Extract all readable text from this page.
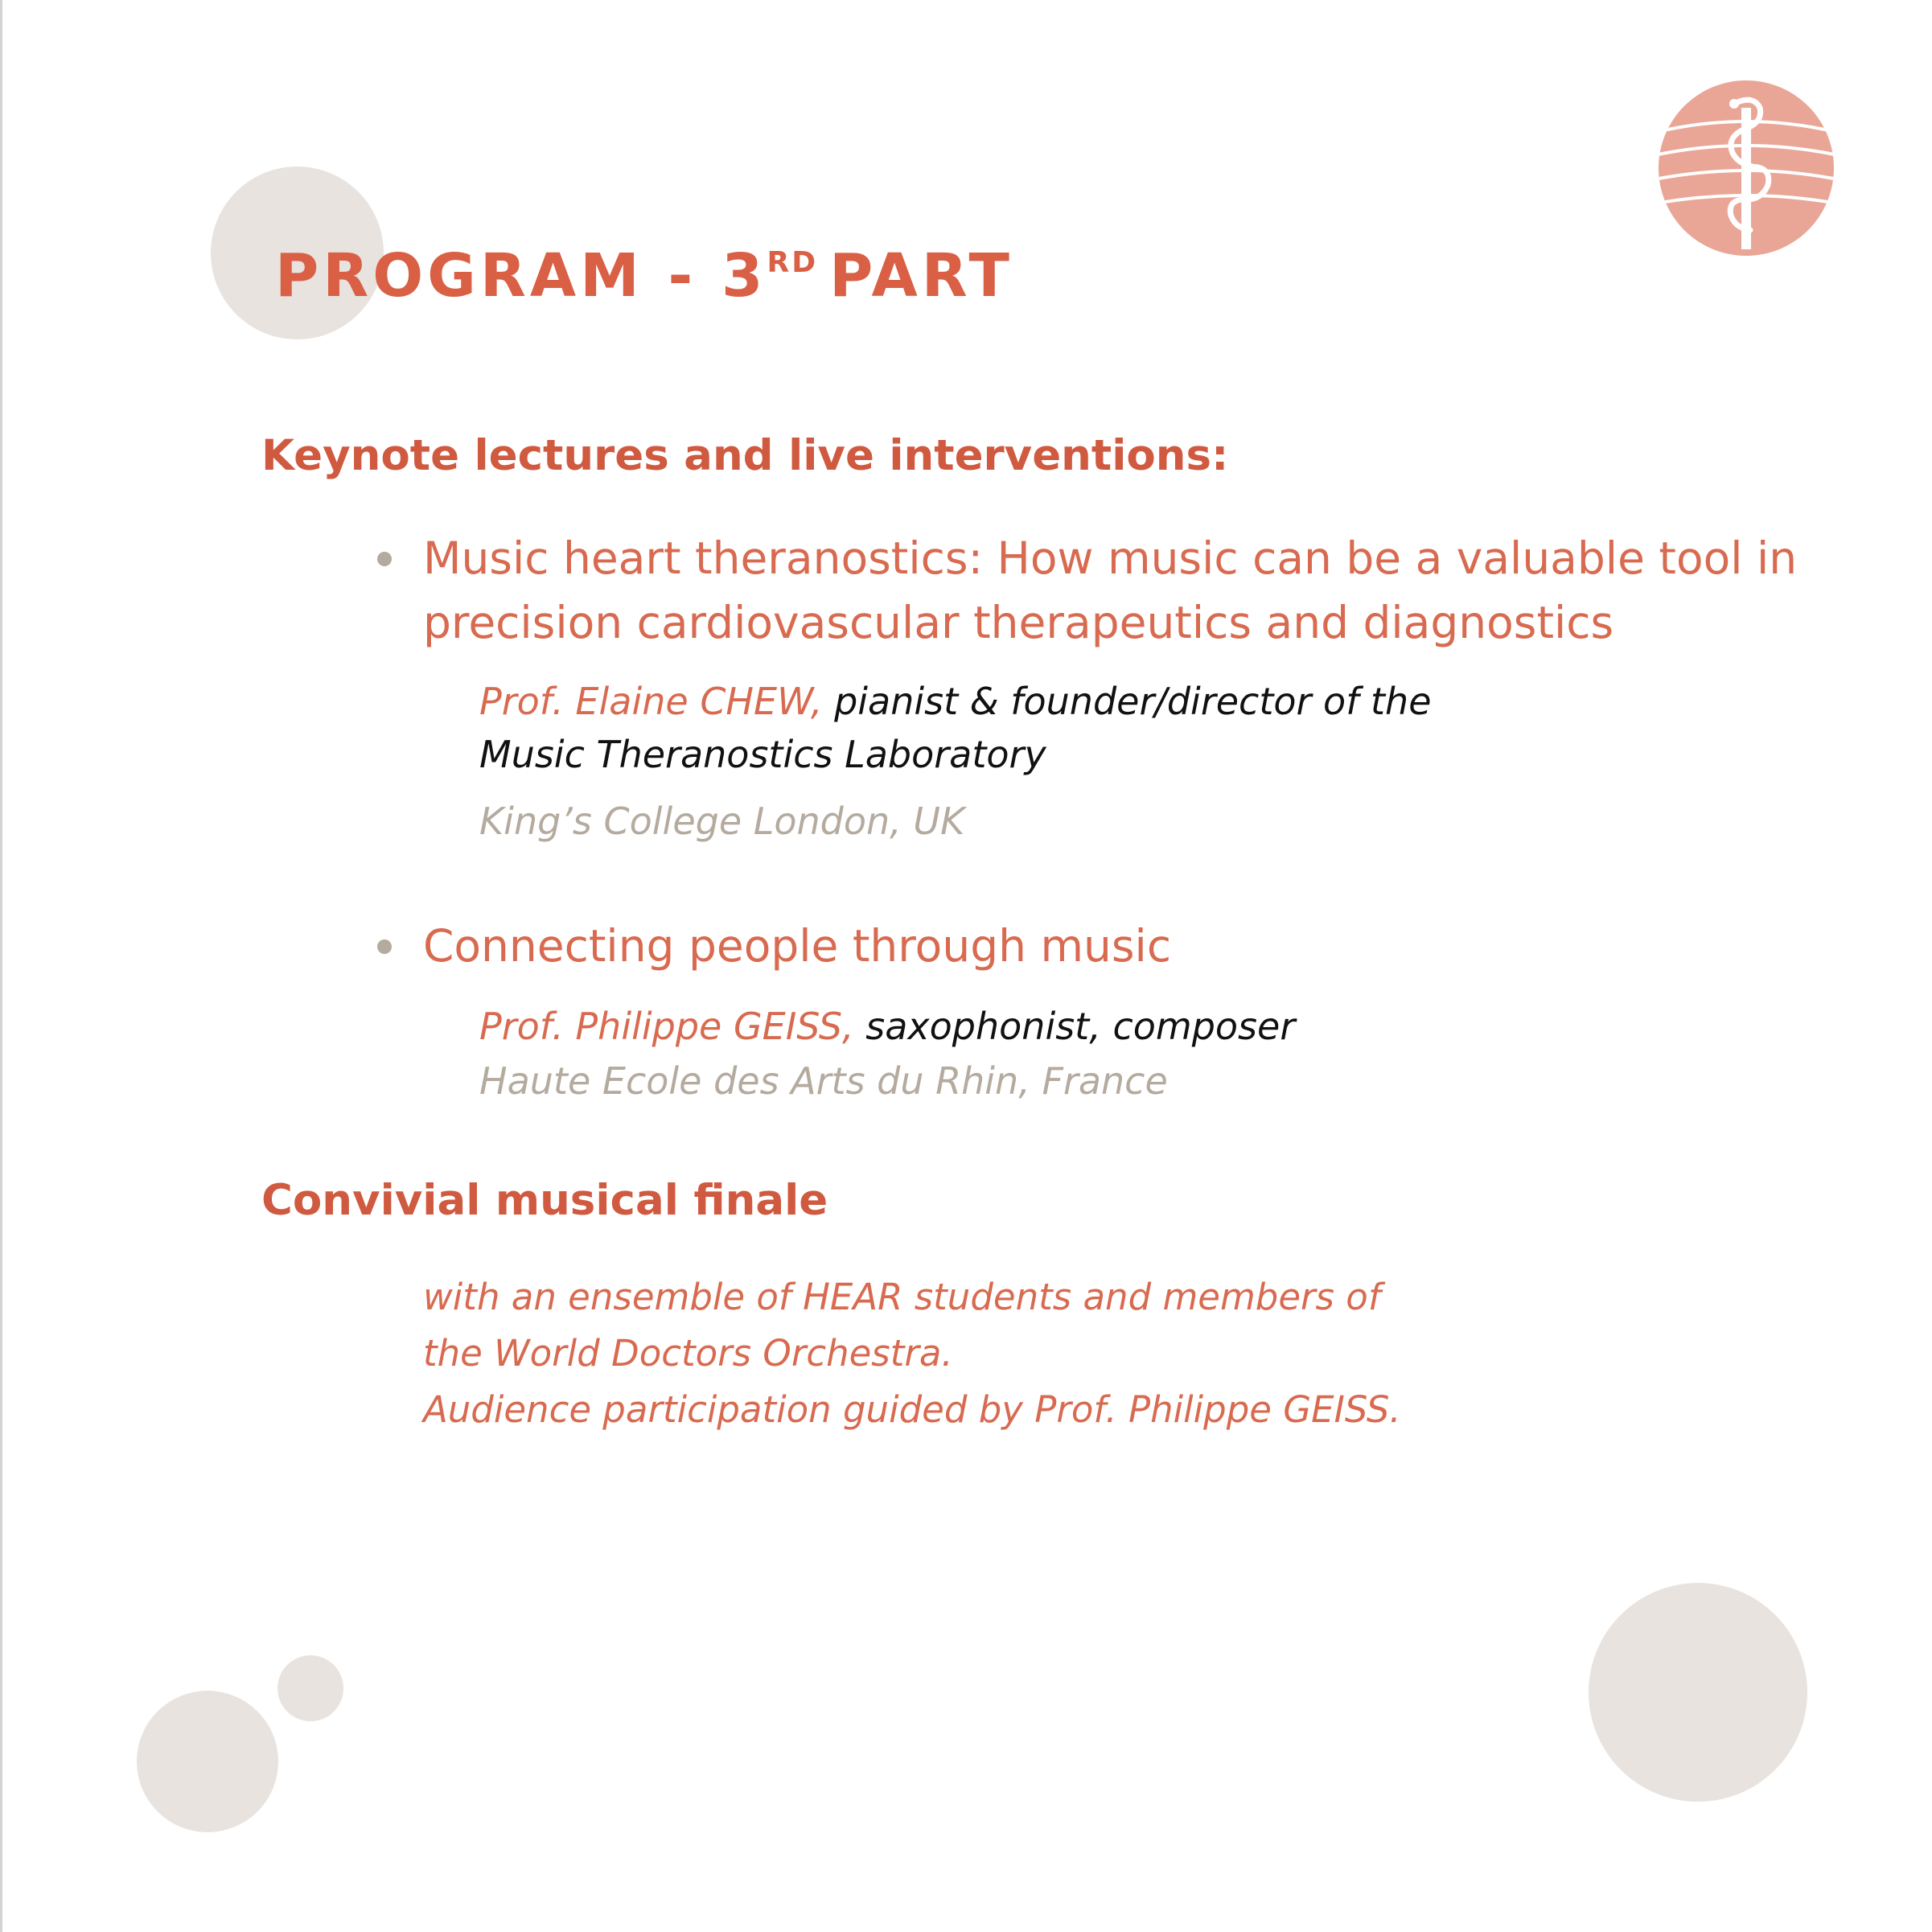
PROGRAM - 3RD PART
Keynote lectures and live interventions:
Music heart theranostics: How music can be a valuable tool in
precision cardiovascular therapeutics and diagnostics
Prof. Elaine CHEW, pianist & founder/director of the
Music Theranostics Laboratory
King’s College London, UK
Connecting people through music
Prof. Philippe GEISS, saxophonist, composer
Haute Ecole des Arts du Rhin, France
Convivial musical finale
with an ensemble of HEAR students and members of
the World Doctors Orchestra.
Audience participation guided by Prof. Philippe GEISS.
